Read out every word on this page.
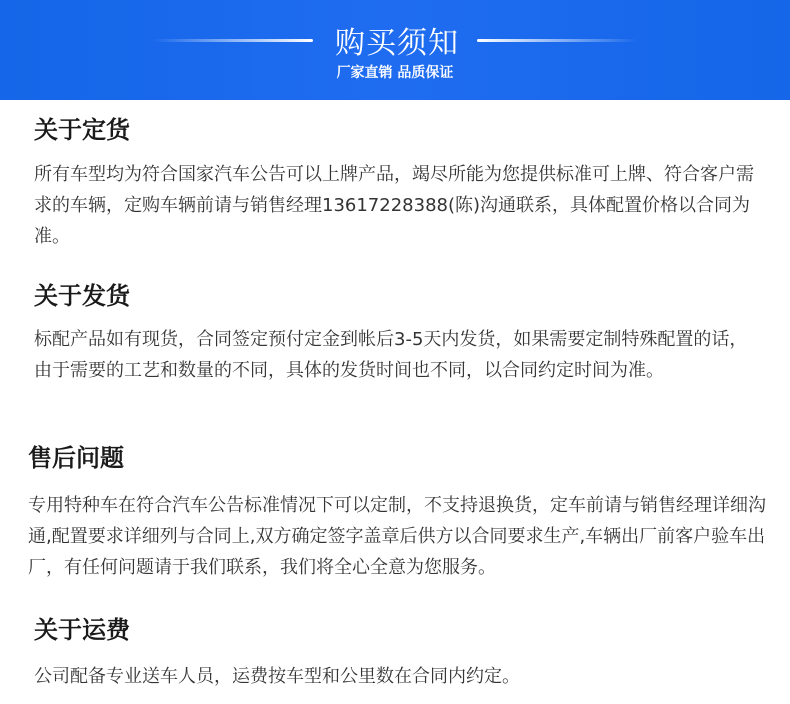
购买须知
厂家直销 品质保证
关于定货
所有车型均为符合国家汽车公告可以上牌产品，竭尽所能为您提供标准可上牌、符合客户需求的车辆，定购车辆前请与销售经理13617228388(陈)沟通联系，具体配置价格以合同为准。
关于发货
标配产品如有现货，合同签定预付定金到帐后3-5天内发货，如果需要定制特殊配置的话，由于需要的工艺和数量的不同，具体的发货时间也不同，以合同约定时间为准。
售后问题
专用特种车在符合汽车公告标准情况下可以定制，不支持退换货，定车前请与销售经理详细沟通,配置要求详细列与合同上,双方确定签字盖章后供方以合同要求生产,车辆出厂前客户验车出厂，有任何问题请于我们联系，我们将全心全意为您服务。
关于运费
公司配备专业送车人员，运费按车型和公里数在合同内约定。
